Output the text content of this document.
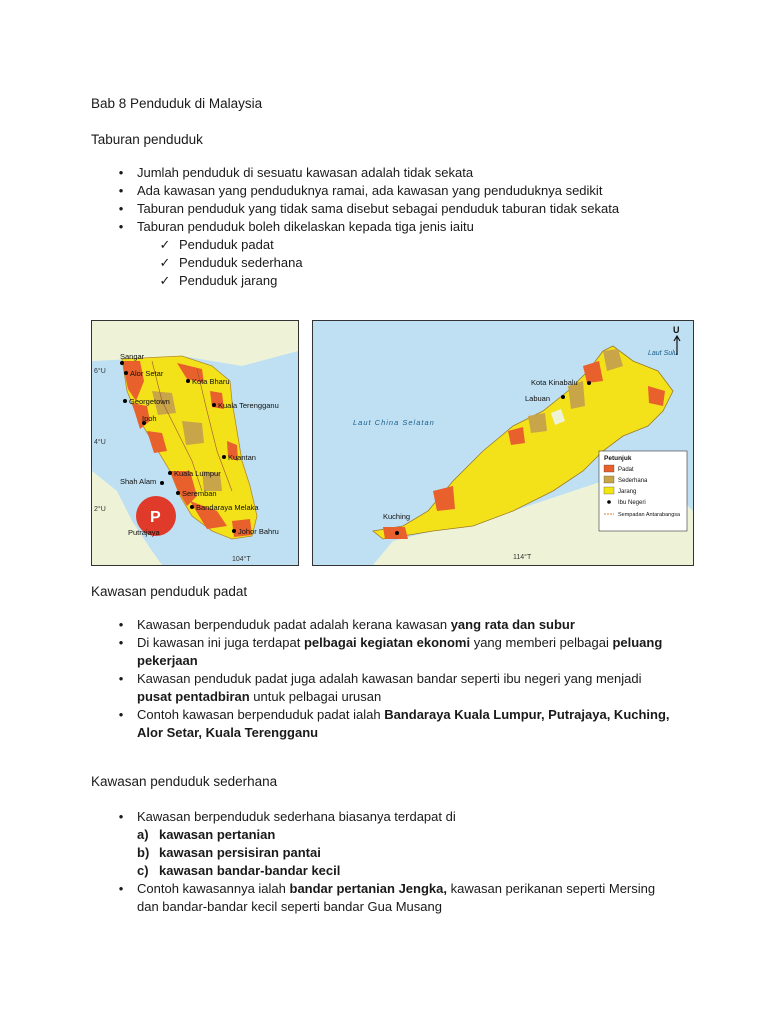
Bab 8 Penduduk di Malaysia
Taburan penduduk
• Jumlah penduduk di sesuatu kawasan adalah tidak sekata
• Ada kawasan yang penduduknya ramai, ada kawasan yang penduduknya sedikit
• Taburan penduduk yang tidak sama disebut sebagai penduduk taburan tidak sekata
• Taburan penduduk boleh dikelaskan kepada tiga jenis iaitu
✓ Penduduk padat
✓ Penduduk sederhana
✓ Penduduk jarang
P
6°U
4°U
2°U
104°T
Sangar
Alor Setar
Georgetown
Ipoh
Kota Bharu
Kuala Terengganu
Kuantan
Kuala Lumpur
Shah Alam
Seremban
Bandaraya Melaka
Johor Bahru
Putrajaya
Laut Sulu
Laut China Selatan
U
Kota Kinabalu
Labuan
Kuching
114°T
Petunjuk
Padat
Sederhana
Jarang
Ibu Negeri
Sempadan Antarabangsa
Kawasan penduduk padat
• Kawasan berpenduduk padat adalah kerana kawasan yang rata dan subur
• Di kawasan ini juga terdapat pelbagai kegiatan ekonomi yang memberi pelbagai peluang pekerjaan
• Kawasan penduduk padat juga adalah kawasan bandar seperti ibu negeri yang menjadi pusat pentadbiran untuk pelbagai urusan
• Contoh kawasan berpenduduk padat ialah Bandaraya Kuala Lumpur, Putrajaya, Kuching, Alor Setar, Kuala Terengganu
Kawasan penduduk sederhana
• Kawasan berpenduduk sederhana biasanya terdapat di
a) kawasan pertanian
b) kawasan persisiran pantai
c) kawasan bandar-bandar kecil
• Contoh kawasannya ialah bandar pertanian Jengka, kawasan perikanan seperti Mersing dan bandar-bandar kecil seperti bandar Gua Musang
